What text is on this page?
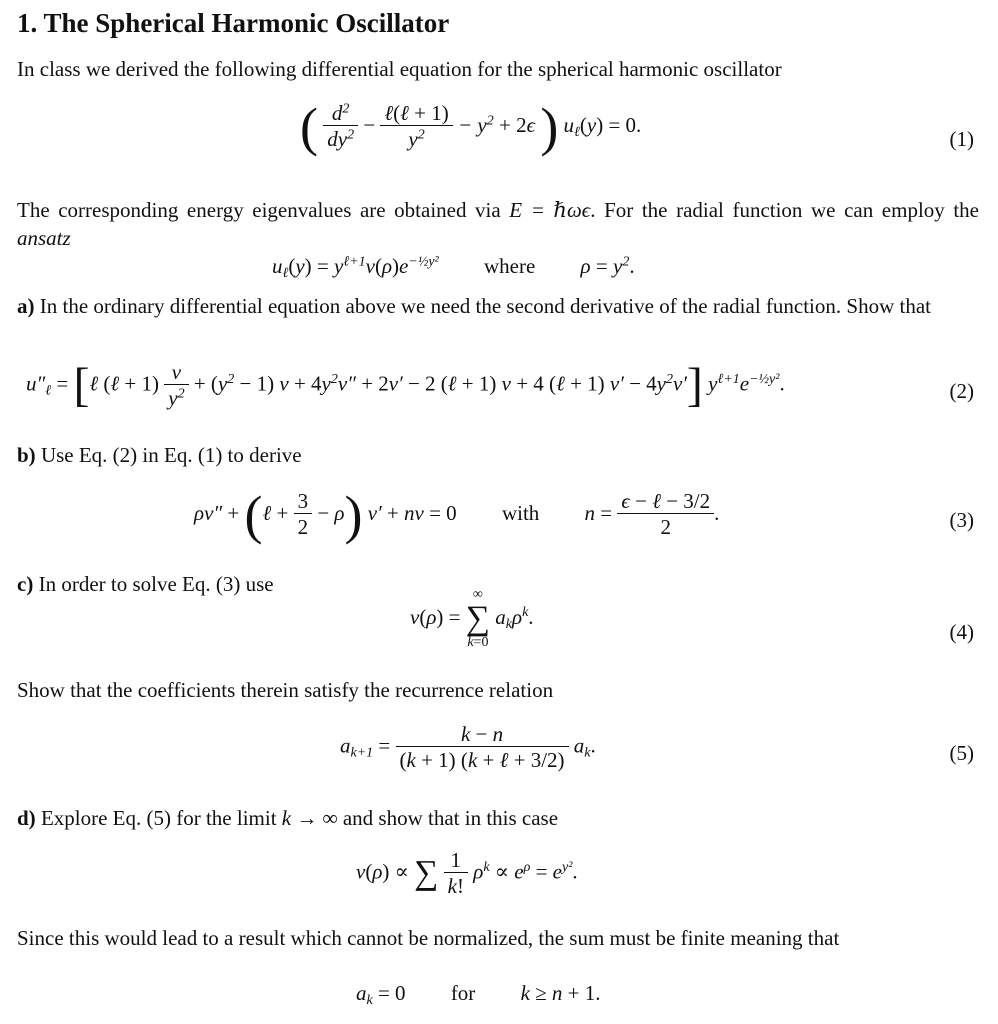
1. The Spherical Harmonic Oscillator
In class we derived the following differential equation for the spherical harmonic oscillator
( $\frac{d^2}{dy^2} - \frac{\text{ℓ(ℓ + 1)}}{y^2} - y^2 + 2\epsilon$ ) $u_\ell(y) = 0$.
(1)
The corresponding energy eigenvalues are obtained via E = ℏωϵ. For the radial function we can employ the ansatz
$u_\ell(y) = y^{\ell+1}v(\rho)e^{-\frac{1}{2}y^2}$ where $\rho = y^2$.
a) In the ordinary differential equation above we need the second derivative of the radial function. Show that
$u''_\ell$ = [ℓ (ℓ + $1) \frac{v}{y^2} + (y^2 - 1) v + 4y^2v'' + 2v' - 2$ (ℓ + 1) v + 4 (ℓ + 1) $v' - 4y^2v'$] $y^{\ell+1}e^{-\frac{1}{2}y^2}$.	(2)
b) Use Eq. (2) in Eq. (1) to derive
ρv″ + (ℓ + $\frac{3}{2} - \rho$) v′ + nv = 0 with $n = \frac{\text{ϵ − ℓ − 3/2}}{2}$ .	(3)
c) In order to solve Eq. (3) use
v(ρ) =
∞
∑
k=0
$a_k\rho^k$.
(4)
Show that the coefficients therein satisfy the recurrence relation
$a_{k+1} = \frac{k - n}{\text{(k + 1) (k + ℓ + 3/2)}} a_k$.	(5)
d) Explore Eq. (5) for the limit k → ∞ and show that in this case
v(ρ) ∝ ∑ $\frac{1}{k!} \rho^k \propto e^\rho = e^{y^2}$.
Since this would lead to a result which cannot be normalized, the sum must be finite meaning that
$a_k = 0$ for k ≥ n + 1.
